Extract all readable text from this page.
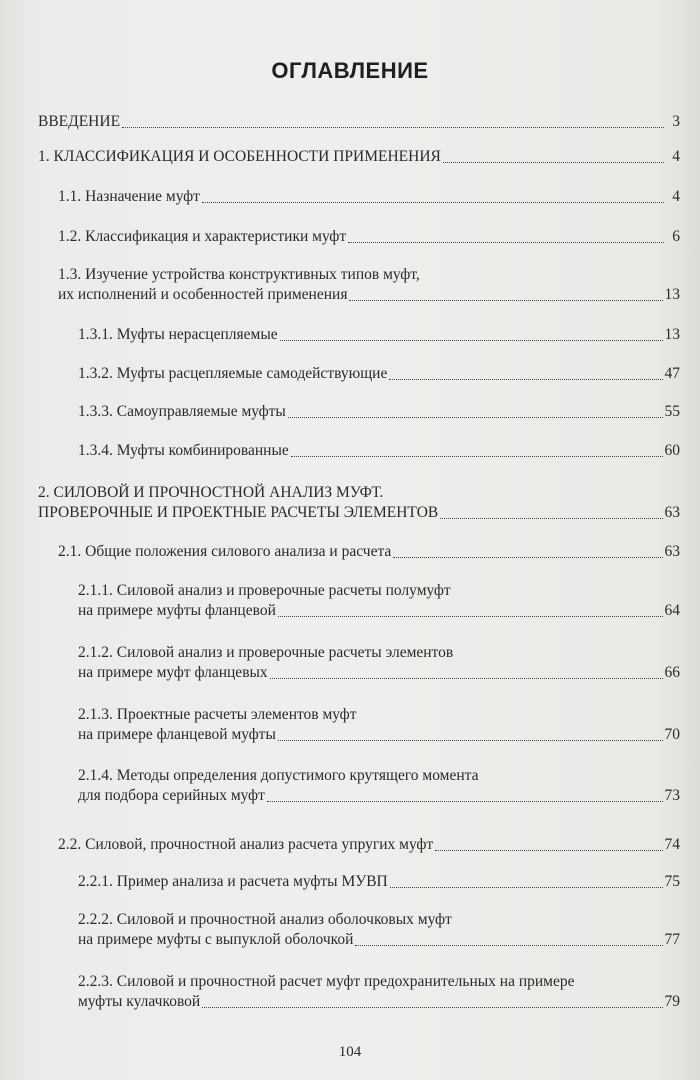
ОГЛАВЛЕНИЕ
ВВЕДЕНИЕ	3
1. КЛАССИФИКАЦИЯ И ОСОБЕННОСТИ ПРИМЕНЕНИЯ	4
1.1. Назначение муфт	4
1.2. Классификация и характеристики муфт	6
1.3. Изучение устройства конструктивных типов муфт,
их исполнений и особенностей применения	13
1.3.1. Муфты нерасцепляемые	13
1.3.2. Муфты расцепляемые самодействующие	47
1.3.3. Самоуправляемые муфты	55
1.3.4. Муфты комбинированные	60
2. СИЛОВОЙ И ПРОЧНОСТНОЙ АНАЛИЗ МУФТ.
ПРОВЕРОЧНЫЕ И ПРОЕКТНЫЕ РАСЧЕТЫ ЭЛЕМЕНТОВ	63
2.1. Общие положения силового анализа и расчета	63
2.1.1. Силовой анализ и проверочные расчеты полумуфт
на примере муфты фланцевой	64
2.1.2. Силовой анализ и проверочные расчеты элементов
на примере муфт фланцевых	66
2.1.3. Проектные расчеты элементов муфт
на примере фланцевой муфты	70
2.1.4. Методы определения допустимого крутящего момента
для подбора серийных муфт	73
2.2. Силовой, прочностной анализ расчета упругих муфт	74
2.2.1. Пример анализа и расчета муфты МУВП	75
2.2.2. Силовой и прочностной анализ оболочковых муфт
на примере муфты с выпуклой оболочкой	77
2.2.3. Силовой и прочностной расчет муфт предохранительных на примере
муфты кулачковой	79
104
